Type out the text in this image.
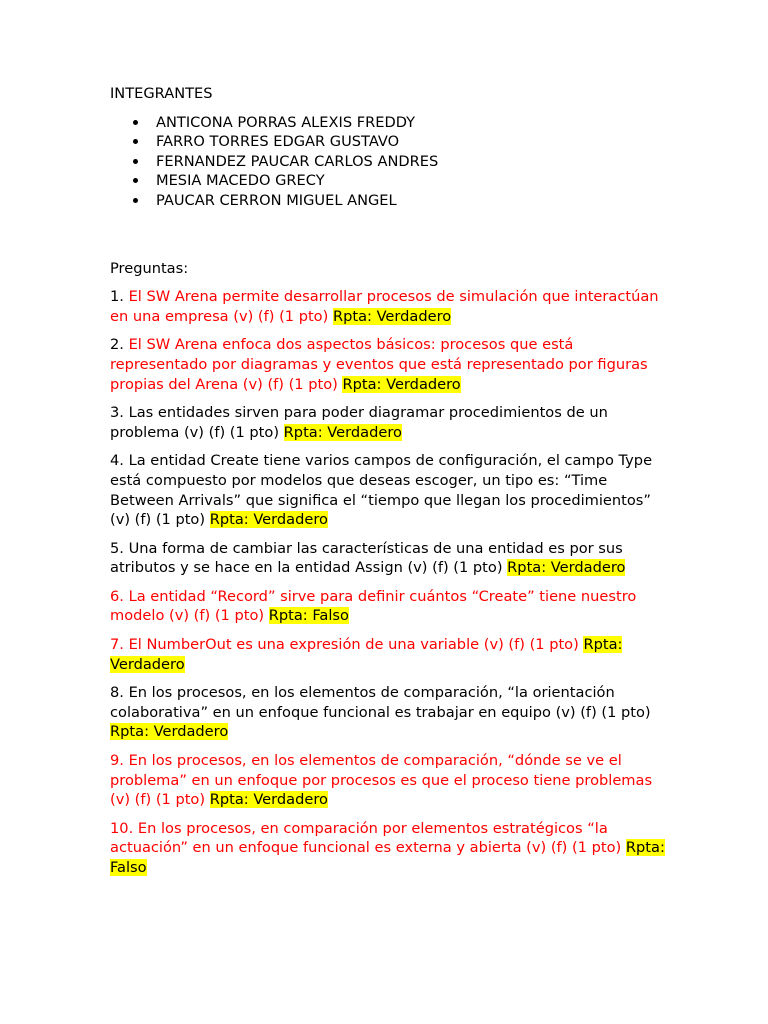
INTEGRANTES

ANTICONA PORRAS ALEXIS FREDDY
FARRO TORRES EDGAR GUSTAVO
FERNANDEZ PAUCAR CARLOS ANDRES
MESIA MACEDO GRECY
PAUCAR CERRON MIGUEL ANGEL

Preguntas:

1. El SW Arena permite desarrollar procesos de simulación que interactúan en una empresa (v) (f) (1 pto) Rpta: Verdadero

2. El SW Arena enfoca dos aspectos básicos: procesos que está representado por diagramas y eventos que está representado por figuras propias del Arena (v) (f) (1 pto) Rpta: Verdadero

3. Las entidades sirven para poder diagramar procedimientos de un problema (v) (f) (1 pto) Rpta: Verdadero

4. La entidad Create tiene varios campos de configuración, el campo Type está compuesto por modelos que deseas escoger, un tipo es: “Time Between Arrivals” que significa el “tiempo que llegan los procedimientos” (v) (f) (1 pto) Rpta: Verdadero

5. Una forma de cambiar las características de una entidad es por sus atributos y se hace en la entidad Assign (v) (f) (1 pto) Rpta: Verdadero

6. La entidad “Record” sirve para definir cuántos “Create” tiene nuestro modelo (v) (f) (1 pto) Rpta: Falso

7. El NumberOut es una expresión de una variable (v) (f) (1 pto) Rpta: Verdadero

8. En los procesos, en los elementos de comparación, “la orientación colaborativa” en un enfoque funcional es trabajar en equipo (v) (f) (1 pto) Rpta: Verdadero

9. En los procesos, en los elementos de comparación, “dónde se ve el problema” en un enfoque por procesos es que el proceso tiene problemas (v) (f) (1 pto) Rpta: Verdadero

10. En los procesos, en comparación por elementos estratégicos “la actuación” en un enfoque funcional es externa y abierta (v) (f) (1 pto) Rpta: Falso
